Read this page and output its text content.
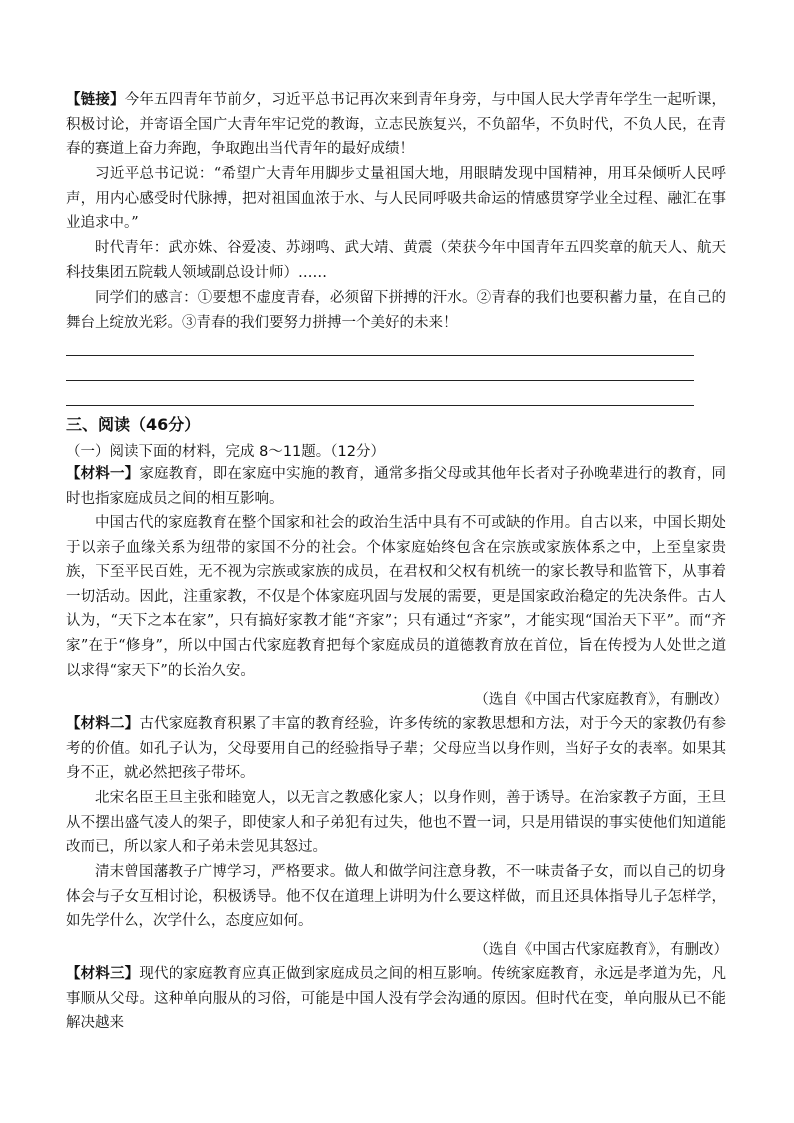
【链接】今年五四青年节前夕，习近平总书记再次来到青年身旁，与中国人民大学青年学生一起听课，积极讨论，并寄语全国广大青年牢记党的教诲，立志民族复兴，不负韶华，不负时代，不负人民，在青春的赛道上奋力奔跑，争取跑出当代青年的最好成绩！

习近平总书记说：“希望广大青年用脚步丈量祖国大地，用眼睛发现中国精神，用耳朵倾听人民呼声，用内心感受时代脉搏，把对祖国血浓于水、与人民同呼吸共命运的情感贯穿学业全过程、融汇在事业追求中。”

时代青年：武亦姝、谷爱凌、苏翊鸣、武大靖、黄震（荣获今年中国青年五四奖章的航天人、航天科技集团五院载人领域副总设计师）……

同学们的感言：①要想不虚度青春，必须留下拼搏的汗水。②青春的我们也要积蓄力量，在自己的舞台上绽放光彩。③青春的我们要努力拼搏一个美好的未来！

三、阅读（46分）

（一）阅读下面的材料，完成 8～11题。（12分）

【材料一】家庭教育，即在家庭中实施的教育，通常多指父母或其他年长者对子孙晚辈进行的教育，同时也指家庭成员之间的相互影响。

中国古代的家庭教育在整个国家和社会的政治生活中具有不可或缺的作用。自古以来，中国长期处于以亲子血缘关系为纽带的家国不分的社会。个体家庭始终包含在宗族或家族体系之中，上至皇家贵族，下至平民百姓，无不视为宗族或家族的成员，在君权和父权有机统一的家长教导和监管下，从事着一切活动。因此，注重家教，不仅是个体家庭巩固与发展的需要，更是国家政治稳定的先决条件。古人认为，“天下之本在家”，只有搞好家教才能“齐家”；只有通过“齐家”，才能实现“国治天下平”。而“齐家”在于“修身”，所以中国古代家庭教育把每个家庭成员的道德教育放在首位，旨在传授为人处世之道以求得“家天下”的长治久安。

（选自《中国古代家庭教育》，有删改）

【材料二】古代家庭教育积累了丰富的教育经验，许多传统的家教思想和方法，对于今天的家教仍有参考的价值。如孔子认为，父母要用自己的经验指导子辈；父母应当以身作则，当好子女的表率。如果其身不正，就必然把孩子带坏。

北宋名臣王旦主张和睦宽人，以无言之教感化家人；以身作则，善于诱导。在治家教子方面，王旦从不摆出盛气凌人的架子，即使家人和子弟犯有过失，他也不置一词，只是用错误的事实使他们知道能改而已，所以家人和子弟未尝见其怒过。

清末曾国藩教子广博学习，严格要求。做人和做学问注意身教，不一味责备子女，而以自己的切身体会与子女互相讨论，积极诱导。他不仅在道理上讲明为什么要这样做，而且还具体指导儿子怎样学，如先学什么，次学什么，态度应如何。

（选自《中国古代家庭教育》，有删改）

【材料三】现代的家庭教育应真正做到家庭成员之间的相互影响。传统家庭教育，永远是孝道为先，凡事顺从父母。这种单向服从的习俗，可能是中国人没有学会沟通的原因。但时代在变，单向服从已不能解决越来
